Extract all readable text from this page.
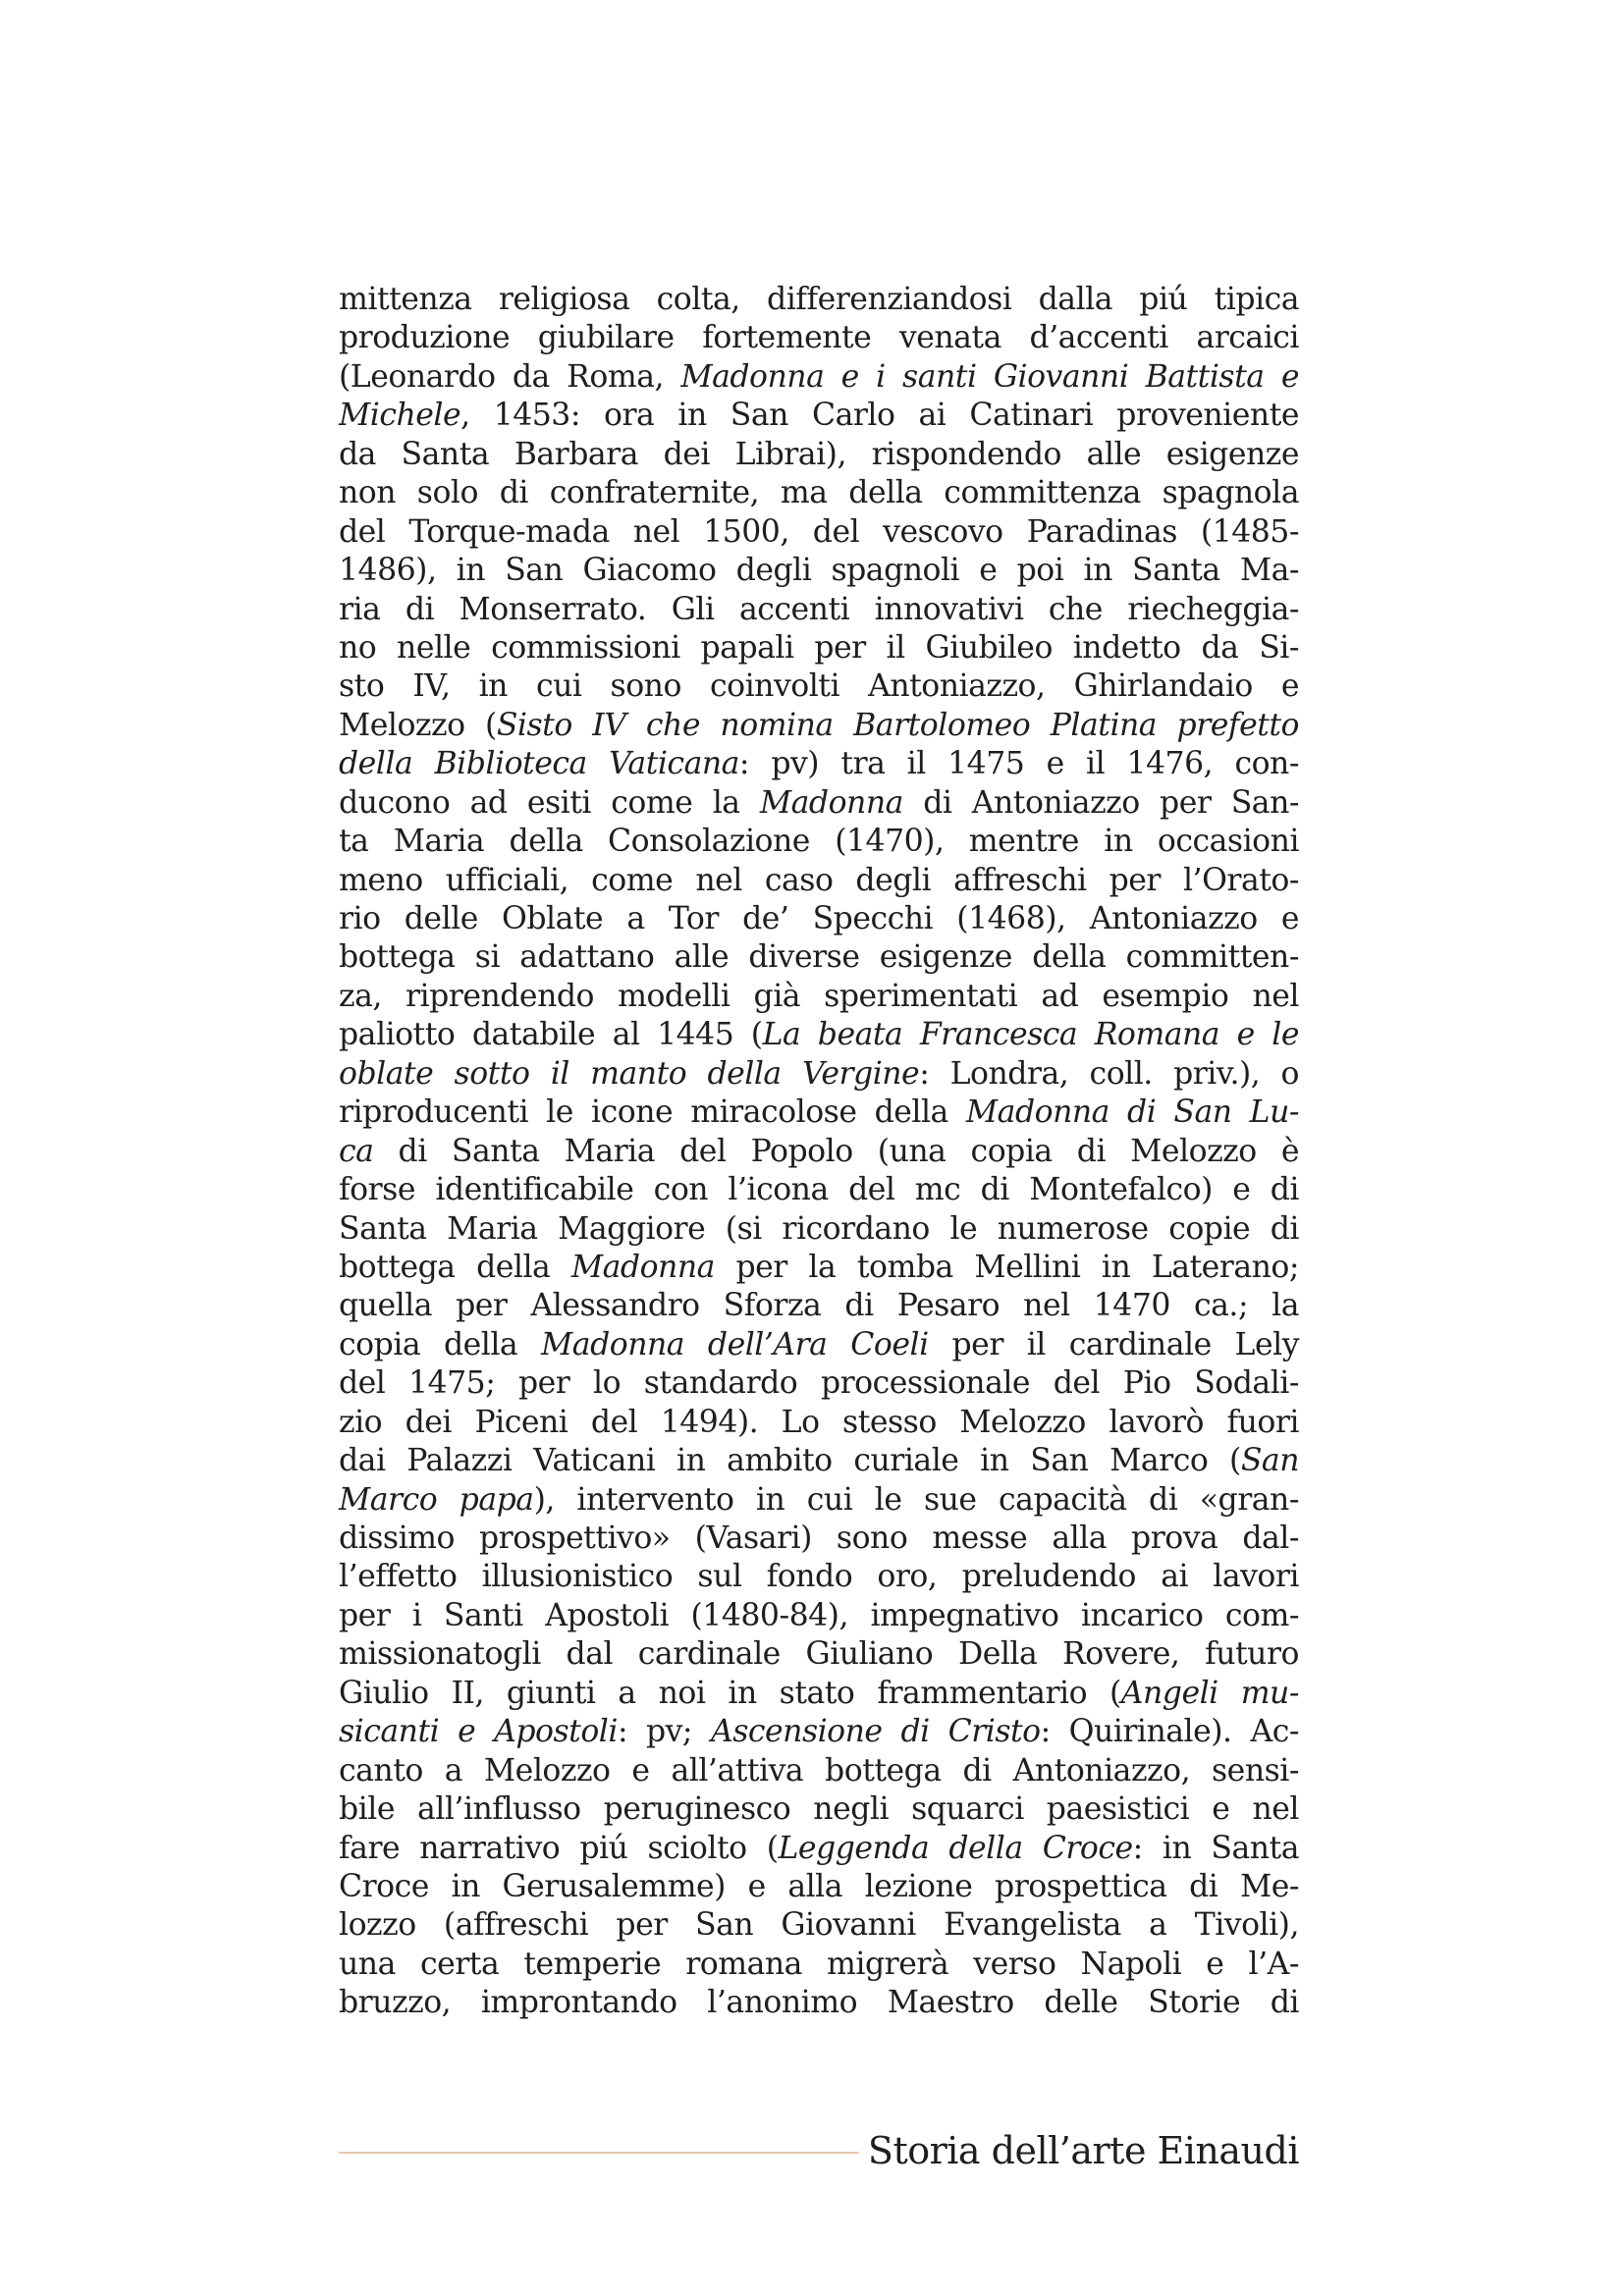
mittenza religiosa colta, differenziandosi dalla piú tipica
produzione giubilare fortemente venata d’accenti arcaici
(Leonardo da Roma, Madonna e i santi Giovanni Battista e
Michele, 1453: ora in San Carlo ai Catinari proveniente
da Santa Barbara dei Librai), rispondendo alle esigenze
non solo di confraternite, ma della committenza spagnola
del Torque-mada nel 1500, del vescovo Paradinas (1485-
1486), in San Giacomo degli spagnoli e poi in Santa Ma-
ria di Monserrato. Gli accenti innovativi che riecheggia-
no nelle commissioni papali per il Giubileo indetto da Si-
sto IV, in cui sono coinvolti Antoniazzo, Ghirlandaio e
Melozzo (Sisto IV che nomina Bartolomeo Platina prefetto
della Biblioteca Vaticana: pv) tra il 1475 e il 1476, con-
ducono ad esiti come la Madonna di Antoniazzo per San-
ta Maria della Consolazione (1470), mentre in occasioni
meno ufficiali, come nel caso degli affreschi per l’Orato-
rio delle Oblate a Tor de’ Specchi (1468), Antoniazzo e
bottega si adattano alle diverse esigenze della committen-
za, riprendendo modelli già sperimentati ad esempio nel
paliotto databile al 1445 (La beata Francesca Romana e le
oblate sotto il manto della Vergine: Londra, coll. priv.), o
riproducenti le icone miracolose della Madonna di San Lu-
ca di Santa Maria del Popolo (una copia di Melozzo è
forse identificabile con l’icona del mc di Montefalco) e di
Santa Maria Maggiore (si ricordano le numerose copie di
bottega della Madonna per la tomba Mellini in Laterano;
quella per Alessandro Sforza di Pesaro nel 1470 ca.; la
copia della Madonna dell’Ara Coeli per il cardinale Lely
del 1475; per lo standardo processionale del Pio Sodali-
zio dei Piceni del 1494). Lo stesso Melozzo lavorò fuori
dai Palazzi Vaticani in ambito curiale in San Marco (San
Marco papa), intervento in cui le sue capacità di «gran-
dissimo prospettivo» (Vasari) sono messe alla prova dal-
l’effetto illusionistico sul fondo oro, preludendo ai lavori
per i Santi Apostoli (1480-84), impegnativo incarico com-
missionatogli dal cardinale Giuliano Della Rovere, futuro
Giulio II, giunti a noi in stato frammentario (Angeli mu-
sicanti e Apostoli: pv; Ascensione di Cristo: Quirinale). Ac-
canto a Melozzo e all’attiva bottega di Antoniazzo, sensi-
bile all’influsso peruginesco negli squarci paesistici e nel
fare narrativo piú sciolto (Leggenda della Croce: in Santa
Croce in Gerusalemme) e alla lezione prospettica di Me-
lozzo (affreschi per San Giovanni Evangelista a Tivoli),
una certa temperie romana migrerà verso Napoli e l’A-
bruzzo, improntando l’anonimo Maestro delle Storie di
Storia dell’arte Einaudi
